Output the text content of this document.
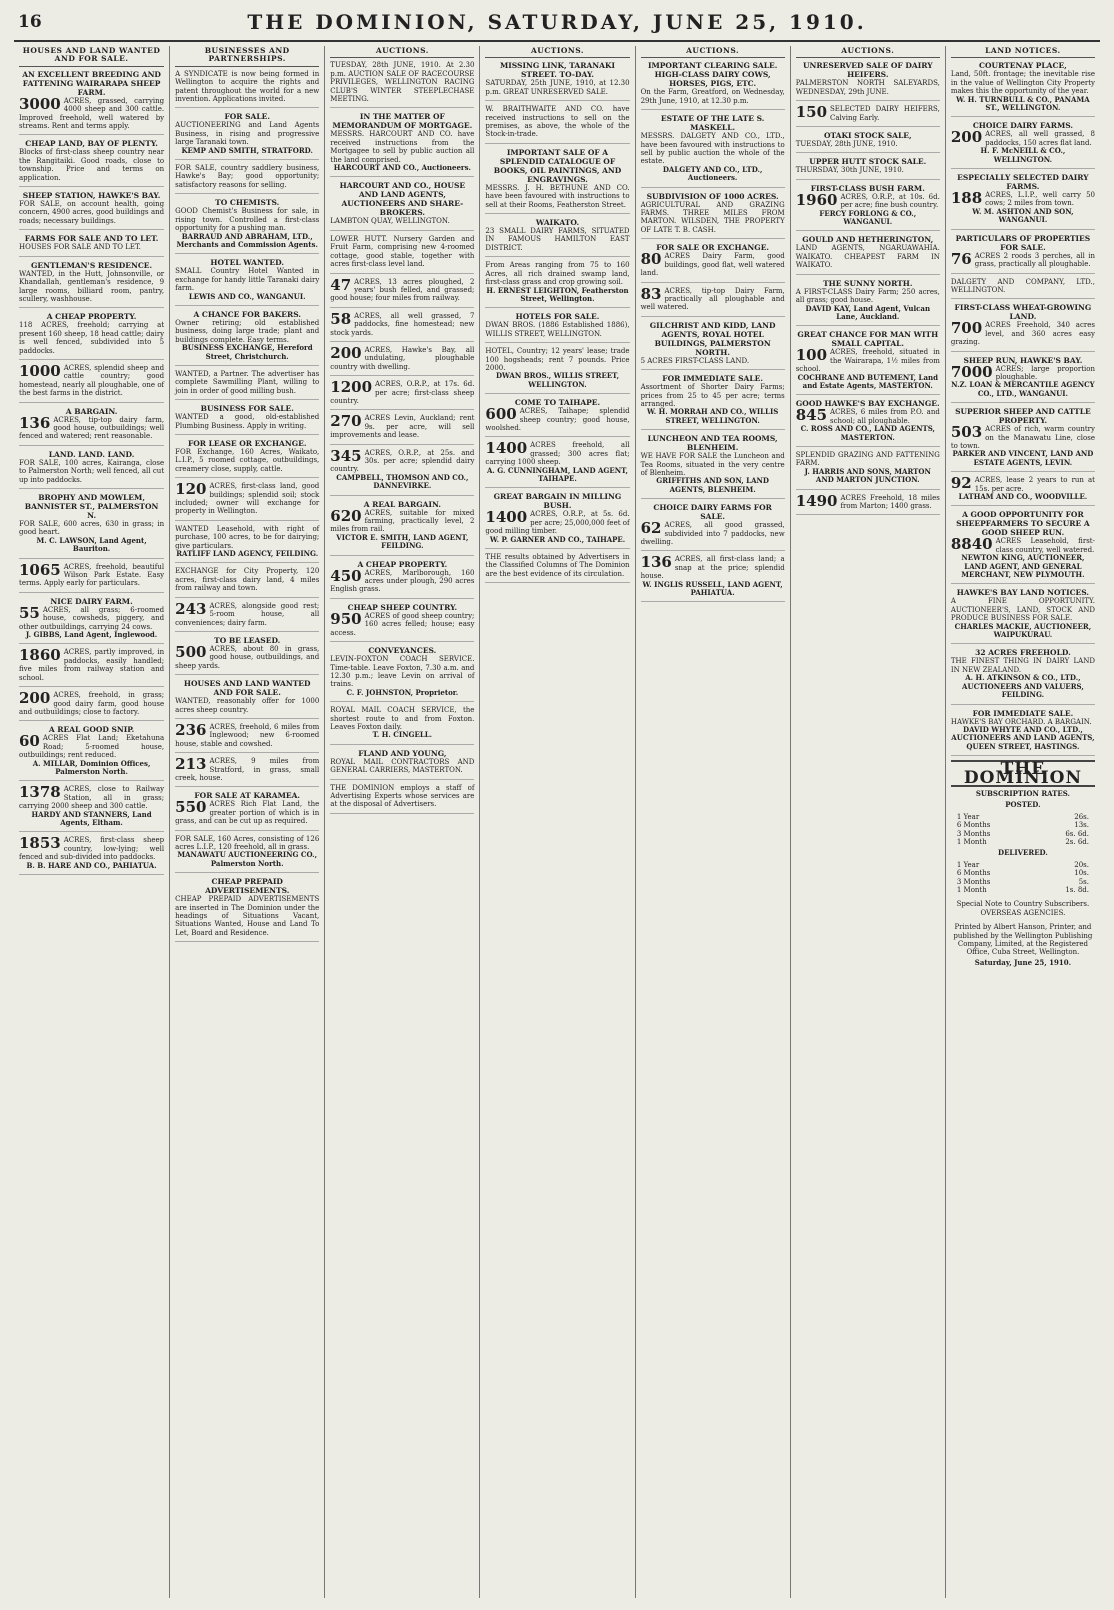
16	THE DOMINION, SATURDAY, JUNE 25, 1910.
HOUSES AND LAND WANTED AND FOR SALE.
AN EXCELLENT BREEDING AND FATTENING WAIRARAPA SHEEP FARM.
3000 ACRES, grassed, carrying 4000 sheep and 300 cattle. Improved freehold, well watered by streams. Rent and terms apply.
CHEAP LAND, BAY OF PLENTY.
Blocks of first-class sheep country near the Rangitaiki. Good roads, close to township. Price and terms on application.
SHEEP STATION, HAWKE'S BAY.
FOR SALE, on account health, going concern, 4900 acres, good buildings and roads; necessary buildings.
FARMS FOR SALE AND TO LET.
HOUSES FOR SALE AND TO LET.
GENTLEMAN'S RESIDENCE.
WANTED, in the Hutt, Johnsonville, or Khandallah, gentleman's residence, 9 large rooms, billiard room, pantry, scullery, washhouse.
A CHEAP PROPERTY.
118 ACRES, freehold; carrying at present 160 sheep, 18 head cattle; dairy is well fenced, subdivided into 5 paddocks.
1000 ACRES, splendid sheep and cattle country; good homestead, nearly all ploughable, one of the best farms in the district.
A BARGAIN.
136 ACRES, tip-top dairy farm, good house, outbuildings; well fenced and watered; rent reasonable.
LAND. LAND. LAND.
FOR SALE, 100 acres, Kairanga, close to Palmerston North; well fenced, all cut up into paddocks.
BROPHY AND MOWLEM, BANNISTER ST., PALMERSTON N.
FOR SALE, 600 acres, 630 in grass; in good heart.
M. C. LAWSON, Land Agent, Bauriton.
1065 ACRES, freehold, beautiful Wilson Park Estate. Easy terms. Apply early for particulars.
NICE DAIRY FARM.
55 ACRES, all grass; 6-roomed house, cowsheds, piggery, and other outbuildings, carrying 24 cows.
J. GIBBS, Land Agent, Inglewood.
1860 ACRES, partly improved, in paddocks, easily handled; five miles from railway station and school.
200 ACRES, freehold, in grass; good dairy farm, good house and outbuildings; close to factory.
A REAL GOOD SNIP.
60 ACRES Flat Land; Eketahuna Road; 5-roomed house, outbuildings; rent reduced.
A. MILLAR, Dominion Offices, Palmerston North.
1378 ACRES, close to Railway Station, all in grass; carrying 2000 sheep and 300 cattle.
HARDY AND STANNERS, Land Agents, Eltham.
1853 ACRES, first-class sheep country, low-lying; well fenced and sub-divided into paddocks.
B. B. HARE AND CO., PAHIATUA.
BUSINESSES AND PARTNERSHIPS.
A SYNDICATE is now being formed in Wellington to acquire the rights and patent throughout the world for a new invention. Applications invited.
FOR SALE.
AUCTIONEERING and Land Agents Business, in rising and progressive large Taranaki town.
KEMP AND SMITH, STRATFORD.
FOR SALE, country saddlery business, Hawke's Bay; good opportunity; satisfactory reasons for selling.
TO CHEMISTS.
GOOD Chemist's Business for sale, in rising town. Controlled a first-class opportunity for a pushing man.
BARRAUD AND ABRAHAM, LTD., Merchants and Commission Agents.
HOTEL WANTED.
SMALL Country Hotel Wanted in exchange for handy little Taranaki dairy farm.
LEWIS AND CO., WANGANUI.
A CHANCE FOR BAKERS.
Owner retiring; old established business, doing large trade; plant and buildings complete. Easy terms.
BUSINESS EXCHANGE, Hereford Street, Christchurch.
WANTED, a Partner. The advertiser has complete Sawmilling Plant, willing to join in order of good milling bush.
BUSINESS FOR SALE.
WANTED a good, old-established Plumbing Business. Apply in writing.
FOR LEASE OR EXCHANGE.
FOR Exchange, 160 Acres, Waikato, L.I.P., 5 roomed cottage, outbuildings, creamery close, supply, cattle.
120 ACRES, first-class land, good buildings; splendid soil; stock included; owner will exchange for property in Wellington.
WANTED Leasehold, with right of purchase, 100 acres, to be for dairying; give particulars.
RATLIFF LAND AGENCY, FEILDING.
EXCHANGE for City Property, 120 acres, first-class dairy land, 4 miles from railway and town.
243 ACRES, alongside good rest; 5-room house, all conveniences; dairy farm.
TO BE LEASED.
500 ACRES, about 80 in grass, good house, outbuildings, and sheep yards.
HOUSES AND LAND WANTED AND FOR SALE.
WANTED, reasonably offer for 1000 acres sheep country.
236 ACRES, freehold, 6 miles from Inglewood; new 6-roomed house, stable and cowshed.
213 ACRES, 9 miles from Stratford, in grass, small creek, house.
FOR SALE AT KARAMEA.
550 ACRES Rich Flat Land, the greater portion of which is in grass, and can be cut up as required.
FOR SALE, 160 Acres, consisting of 126 acres L.I.P., 120 freehold, all in grass.
MANAWATU AUCTIONEERING CO., Palmerston North.
CHEAP PREPAID ADVERTISEMENTS.
CHEAP PREPAID ADVERTISEMENTS are inserted in The Dominion under the headings of Situations Vacant, Situations Wanted, House and Land To Let, Board and Residence.
AUCTIONS.
TUESDAY, 28th JUNE, 1910. At 2.30 p.m. AUCTION SALE OF RACECOURSE PRIVILEGES, WELLINGTON RACING CLUB'S WINTER STEEPLECHASE MEETING.
IN THE MATTER OF MEMORANDUM OF MORTGAGE.
MESSRS. HARCOURT AND CO. have received instructions from the Mortgagee to sell by public auction all the land comprised.
HARCOURT AND CO., Auctioneers.
HARCOURT AND CO., HOUSE AND LAND AGENTS, AUCTIONEERS AND SHARE-BROKERS.
LAMBTON QUAY, WELLINGTON.
LOWER HUTT. Nursery Garden and Fruit Farm, comprising new 4-roomed cottage, good stable, together with acres first-class level land.
47 ACRES, 13 acres ploughed, 2 years' bush felled, and grassed; good house; four miles from railway.
58 ACRES, all well grassed, 7 paddocks, fine homestead; new stock yards.
200 ACRES, Hawke's Bay, all undulating, ploughable country with dwelling.
1200 ACRES, O.R.P., at 17s. 6d. per acre; first-class sheep country.
270 ACRES Levin, Auckland; rent 9s. per acre, will sell improvements and lease.
345 ACRES, O.R.P., at 25s. and 30s. per acre; splendid dairy country.
CAMPBELL, THOMSON AND CO., DANNEVIRKE.
A REAL BARGAIN.
620 ACRES, suitable for mixed farming, practically level, 2 miles from rail.
VICTOR E. SMITH, LAND AGENT, FEILDING.
A CHEAP PROPERTY.
450 ACRES, Marlborough, 160 acres under plough, 290 acres English grass.
CHEAP SHEEP COUNTRY.
950 ACRES of good sheep country; 160 acres felled; house; easy access.
CONVEYANCES.
LEVIN-FOXTON COACH SERVICE. Time-table. Leave Foxton, 7.30 a.m. and 12.30 p.m.; leave Levin on arrival of trains.
C. F. JOHNSTON, Proprietor.
ROYAL MAIL COACH SERVICE, the shortest route to and from Foxton. Leaves Foxton daily.
T. H. CINGELL.
FLAND AND YOUNG,
ROYAL MAIL CONTRACTORS AND GENERAL CARRIERS, MASTERTON.
THE DOMINION employs a staff of Advertising Experts whose services are at the disposal of Advertisers.
AUCTIONS.
MISSING LINK, TARANAKI STREET. TO-DAY.
SATURDAY, 25th JUNE, 1910, at 12.30 p.m. GREAT UNRESERVED SALE.
W. BRAITHWAITE AND CO. have received instructions to sell on the premises, as above, the whole of the Stock-in-trade.
IMPORTANT SALE OF A SPLENDID CATALOGUE OF BOOKS, OIL PAINTINGS, AND ENGRAVINGS.
MESSRS. J. H. BETHUNE AND CO. have been favoured with instructions to sell at their Rooms, Featherston Street.
WAIKATO.
23 SMALL DAIRY FARMS, SITUATED IN FAMOUS HAMILTON EAST DISTRICT.
From Areas ranging from 75 to 160 Acres, all rich drained swamp land, first-class grass and crop growing soil.
H. ERNEST LEIGHTON, Featherston Street, Wellington.
HOTELS FOR SALE.
DWAN BROS. (1886 Established 1886), WILLIS STREET, WELLINGTON.
HOTEL, Country; 12 years' lease; trade 100 hogsheads; rent 7 pounds. Price 2000.
DWAN BROS., WILLIS STREET, WELLINGTON.
COME TO TAIHAPE.
600 ACRES, Taihape; splendid sheep country; good house, woolshed.
1400 ACRES freehold, all grassed; 300 acres flat; carrying 1000 sheep.
A. G. CUNNINGHAM, LAND AGENT, TAIHAPE.
GREAT BARGAIN IN MILLING BUSH.
1400 ACRES, O.R.P., at 5s. 6d. per acre; 25,000,000 feet of good milling timber.
W. P. GARNER AND CO., TAIHAPE.
THE results obtained by Advertisers in the Classified Columns of The Dominion are the best evidence of its circulation.
AUCTIONS.
IMPORTANT CLEARING SALE. HIGH-CLASS DAIRY COWS, HORSES, PIGS, ETC.
On the Farm, Greatford, on Wednesday, 29th June, 1910, at 12.30 p.m.
ESTATE OF THE LATE S. MASKELL.
MESSRS. DALGETY AND CO., LTD., have been favoured with instructions to sell by public auction the whole of the estate.
DALGETY AND CO., LTD., Auctioneers.
SUBDIVISION OF 1000 ACRES.
AGRICULTURAL AND GRAZING FARMS. THREE MILES FROM MARTON. WILSDEN, THE PROPERTY OF LATE T. B. CASH.
FOR SALE OR EXCHANGE.
80 ACRES Dairy Farm, good buildings, good flat, well watered land.
83 ACRES, tip-top Dairy Farm, practically all ploughable and well watered.
GILCHRIST AND KIDD, LAND AGENTS, ROYAL HOTEL BUILDINGS, PALMERSTON NORTH.
5 ACRES FIRST-CLASS LAND.
FOR IMMEDIATE SALE.
Assortment of Shorter Dairy Farms; prices from 25 to 45 per acre; terms arranged.
W. H. MORRAH AND CO., WILLIS STREET, WELLINGTON.
LUNCHEON AND TEA ROOMS, BLENHEIM.
WE HAVE FOR SALE the Luncheon and Tea Rooms, situated in the very centre of Blenheim.
GRIFFITHS AND SON, LAND AGENTS, BLENHEIM.
CHOICE DAIRY FARMS FOR SALE.
62 ACRES, all good grassed, subdivided into 7 paddocks, new dwelling.
136 ACRES, all first-class land; a snap at the price; splendid house.
W. INGLIS RUSSELL, LAND AGENT, PAHIATUA.
AUCTIONS.
UNRESERVED SALE OF DAIRY HEIFERS.
PALMERSTON NORTH SALEYARDS, WEDNESDAY, 29th JUNE.
150 SELECTED DAIRY HEIFERS, Calving Early.
OTAKI STOCK SALE,
TUESDAY, 28th JUNE, 1910.
UPPER HUTT STOCK SALE.
THURSDAY, 30th JUNE, 1910.
FIRST-CLASS BUSH FARM.
1960 ACRES, O.R.P., at 10s. 6d. per acre; fine bush country.
FERCY FORLONG & CO., WANGANUI.
GOULD AND HETHERINGTON,
LAND AGENTS, NGARUAWAHIA. WAIKATO. CHEAPEST FARM IN WAIKATO.
THE SUNNY NORTH.
A FIRST-CLASS Dairy Farm; 250 acres, all grass; good house.
DAVID KAY, Land Agent, Vulcan Lane, Auckland.
GREAT CHANCE FOR MAN WITH SMALL CAPITAL.
100 ACRES, freehold, situated in the Wairarapa, 1½ miles from school.
COCHRANE AND BUTEMENT, Land and Estate Agents, MASTERTON.
GOOD HAWKE'S BAY EXCHANGE.
845 ACRES, 6 miles from P.O. and school; all ploughable.
C. ROSS AND CO., LAND AGENTS, MASTERTON.
SPLENDID GRAZING AND FATTENING FARM.
J. HARRIS AND SONS, MARTON AND MARTON JUNCTION.
1490 ACRES Freehold, 18 miles from Marton; 1400 grass.
LAND NOTICES.
COURTENAY PLACE,
Land, 50ft. frontage; the inevitable rise in the value of Wellington City Property makes this the opportunity of the year.
W. H. TURNBULL & CO., PANAMA ST., WELLINGTON.
CHOICE DAIRY FARMS.
200 ACRES, all well grassed, 8 paddocks, 150 acres flat land.
H. F. McNEILL & CO., WELLINGTON.
ESPECIALLY SELECTED DAIRY FARMS.
188 ACRES, L.I.P., well carry 50 cows; 2 miles from town.
W. M. ASHTON AND SON, WANGANUI.
PARTICULARS OF PROPERTIES FOR SALE.
76 ACRES 2 roods 3 perches, all in grass, practically all ploughable.
DALGETY AND COMPANY, LTD., WELLINGTON.
FIRST-CLASS WHEAT-GROWING LAND.
700 ACRES Freehold, 340 acres level, and 360 acres easy grazing.
SHEEP RUN, HAWKE'S BAY.
7000 ACRES; large proportion ploughable.
N.Z. LOAN & MERCANTILE AGENCY CO., LTD., WANGANUI.
SUPERIOR SHEEP AND CATTLE PROPERTY.
503 ACRES of rich, warm country on the Manawatu Line, close to town.
PARKER AND VINCENT, LAND AND ESTATE AGENTS, LEVIN.
92 ACRES, lease 2 years to run at 15s. per acre.
LATHAM AND CO., WOODVILLE.
A GOOD OPPORTUNITY FOR SHEEPFARMERS TO SECURE A GOOD SHEEP RUN.
8840 ACRES Leasehold, first-class country, well watered.
NEWTON KING, AUCTIONEER, LAND AGENT, AND GENERAL MERCHANT, NEW PLYMOUTH.
HAWKE'S BAY LAND NOTICES.
A FINE OPPORTUNITY. AUCTIONEER'S, LAND, STOCK AND PRODUCE BUSINESS FOR SALE.
CHARLES MACKIE, AUCTIONEER, WAIPUKURAU.
32 ACRES FREEHOLD.
THE FINEST THING IN DAIRY LAND IN NEW ZEALAND.
A. H. ATKINSON & CO., LTD., AUCTIONEERS AND VALUERS, FEILDING.
FOR IMMEDIATE SALE.
HAWKE'S BAY ORCHARD. A BARGAIN.
DAVID WHYTE AND CO., LTD., AUCTIONEERS AND LAND AGENTS, QUEEN STREET, HASTINGS.
THE DOMINION
SUBSCRIPTION RATES.
POSTED.
1 Year	26s.
6 Months	13s.
3 Months	6s. 6d.
1 Month	2s. 6d.
DELIVERED.
1 Year	20s.
6 Months	10s.
3 Months	5s.
1 Month	1s. 8d.
Special Note to Country Subscribers. OVERSEAS AGENCIES.
Printed by Albert Hanson, Printer, and published by the Wellington Publishing Company, Limited, at the Registered Office, Cuba Street, Wellington.
Saturday, June 25, 1910.
